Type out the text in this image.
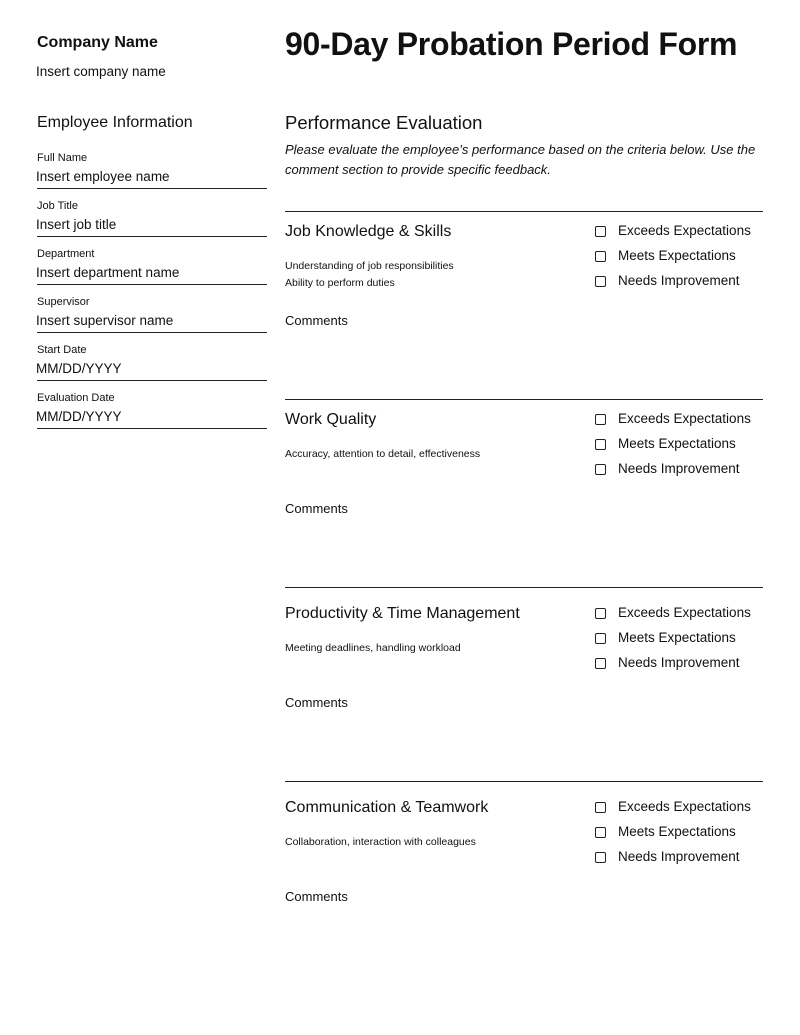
Company Name
Insert company name
Employee Information
Full Name
Insert employee name
Job Title
Insert job title
Department
Insert department name
Supervisor
Insert supervisor name
Start Date
MM/DD/YYYY
Evaluation Date
MM/DD/YYYY
90-Day Probation Period Form
Performance Evaluation
Please evaluate the employee’s performance based on the criteria below. Use the comment section to provide specific feedback.
Job Knowledge & Skills
Understanding of job responsibilities
Ability to perform duties
Comments
Exceeds Expectations
Meets Expectations
Needs Improvement
Work Quality
Accuracy, attention to detail, effectiveness
Comments
Exceeds Expectations
Meets Expectations
Needs Improvement
Productivity & Time Management
Meeting deadlines, handling workload
Comments
Exceeds Expectations
Meets Expectations
Needs Improvement
Communication & Teamwork
Collaboration, interaction with colleagues
Comments
Exceeds Expectations
Meets Expectations
Needs Improvement
